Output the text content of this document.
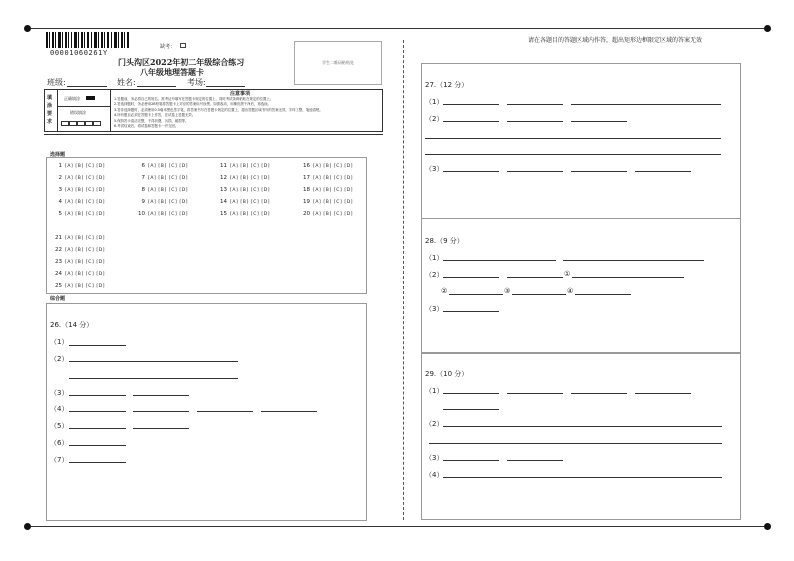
00001060261Y
缺考：
门头沟区2022年初二年级综合练习
八年级地理答题卡
学生二维码粘贴处
班级:	姓名:	考场:
请在各题目的答题区域内作答，超出矩形边框限定区域的答案无效
填涂要求
正确填涂
错误填涂
注意事项
1.答题前，务必将自己的姓名、准考证号填写在答题卡规定的位置上，同时考试条码粘贴在规定的位置上。
2.答选择题时，务必使用2B铅笔将答题卡上对应的答案标号涂黑，如需改动，用橡皮擦干净后，再选涂。
3.答非选择题时，必须使用0.5毫米黑色签字笔，将答案书写在答题卡规定的位置上，超出答题区域书写的答案无效，字体工整，笔迹清楚。
4.所有题目必须在答题卡上作答，在试卷上答题无效。
5.保持答卡清洁完整，不得折叠，污损，破损等。
6.考试结束后，将试卷和答题卡一并交回。
选择题
1 [A] [B] [C] [D]
2 [A] [B] [C] [D]
3 [A] [B] [C] [D]
4 [A] [B] [C] [D]
5 [A] [B] [C] [D]
6 [A] [B] [C] [D]
7 [A] [B] [C] [D]
8 [A] [B] [C] [D]
9 [A] [B] [C] [D]
10 [A] [B] [C] [D]
11 [A] [B] [C] [D]
12 [A] [B] [C] [D]
13 [A] [B] [C] [D]
14 [A] [B] [C] [D]
15 [A] [B] [C] [D]
16 [A] [B] [C] [D]
17 [A] [B] [C] [D]
18 [A] [B] [C] [D]
19 [A] [B] [C] [D]
20 [A] [B] [C] [D]
21 [A] [B] [C] [D]
22 [A] [B] [C] [D]
23 [A] [B] [C] [D]
24 [A] [B] [C] [D]
25 [A] [B] [C] [D]
综合题
26.（14 分）
（1）
（2）
（3）
（4）
（5）
（6）
（7）
27.（12 分）
（1）
（2）
（3）
28.（9 分）
（1）
（2）	①
②	③	④
（3）
29.（10 分）
（1）
（2）
（3）
（4）
